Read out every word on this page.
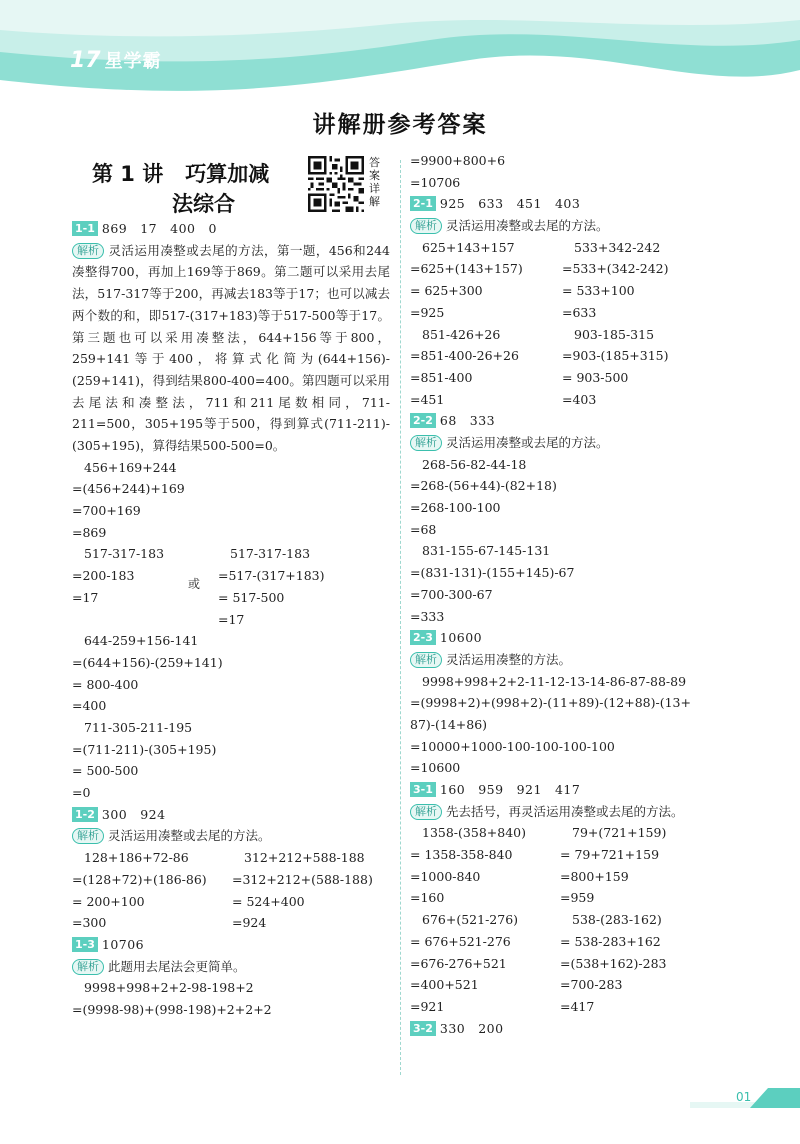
17 星学霸
讲解册参考答案
第 1 讲 巧算加减
法综合
答案详解
1-1 869　17　400　0
解析 灵活运用凑整或去尾的方法，第一题，456和244凑整得700，再加上169等于869。第二题可以采用去尾法，517-317等于200，再减去183等于17；也可以减去两个数的和，即517-(317+183)等于517-500等于17。第三题也可以采用凑整法，644+156等于800，259+141等于400，将算式化简为(644+156)-(259+141)，得到结果800-400=400。第四题可以采用去尾法和凑整法，711和211尾数相同，711-211=500，305+195等于500，得到算式(711-211)-(305+195)，算得结果500-500=0。
456+169+244
=(456+244)+169
=700+169
=869
517-317-183
=200-183
=17
或
517-317-183
=517-(317+183)
= 517-500
=17
644-259+156-141
=(644+156)-(259+141)
= 800-400
=400
711-305-211-195
=(711-211)-(305+195)
= 500-500
=0
1-2 300　924
解析 灵活运用凑整或去尾的方法。
128+186+72-86
=(128+72)+(186-86)
= 200+100
=300
312+212+588-188
=312+212+(588-188)
= 524+400
=924
1-3 10706
解析 此题用去尾法会更简单。
9998+998+2+2-98-198+2
=(9998-98)+(998-198)+2+2+2
=9900+800+6
=10706
2-1 925　633　451　403
解析 灵活运用凑整或去尾的方法。
625+143+157
=625+(143+157)
= 625+300
=925
533+342-242
=533+(342-242)
= 533+100
=633
851-426+26
=851-400-26+26
=851-400
=451
903-185-315
=903-(185+315)
= 903-500
=403
2-2 68　333
解析 灵活运用凑整或去尾的方法。
268-56-82-44-18
=268-(56+44)-(82+18)
=268-100-100
=68
831-155-67-145-131
=(831-131)-(155+145)-67
=700-300-67
=333
2-3 10600
解析 灵活运用凑整的方法。
9998+998+2+2-11-12-13-14-86-87-88-89
=(9998+2)+(998+2)-(11+89)-(12+88)-(13+
87)-(14+86)
=10000+1000-100-100-100-100
=10600
3-1 160　959　921　417
解析 先去括号，再灵活运用凑整或去尾的方法。
1358-(358+840)
= 1358-358-840
=1000-840
=160
79+(721+159)
= 79+721+159
=800+159
=959
676+(521-276)
= 676+521-276
=676-276+521
=400+521
=921
538-(283-162)
= 538-283+162
=(538+162)-283
=700-283
=417
3-2 330　200
01
